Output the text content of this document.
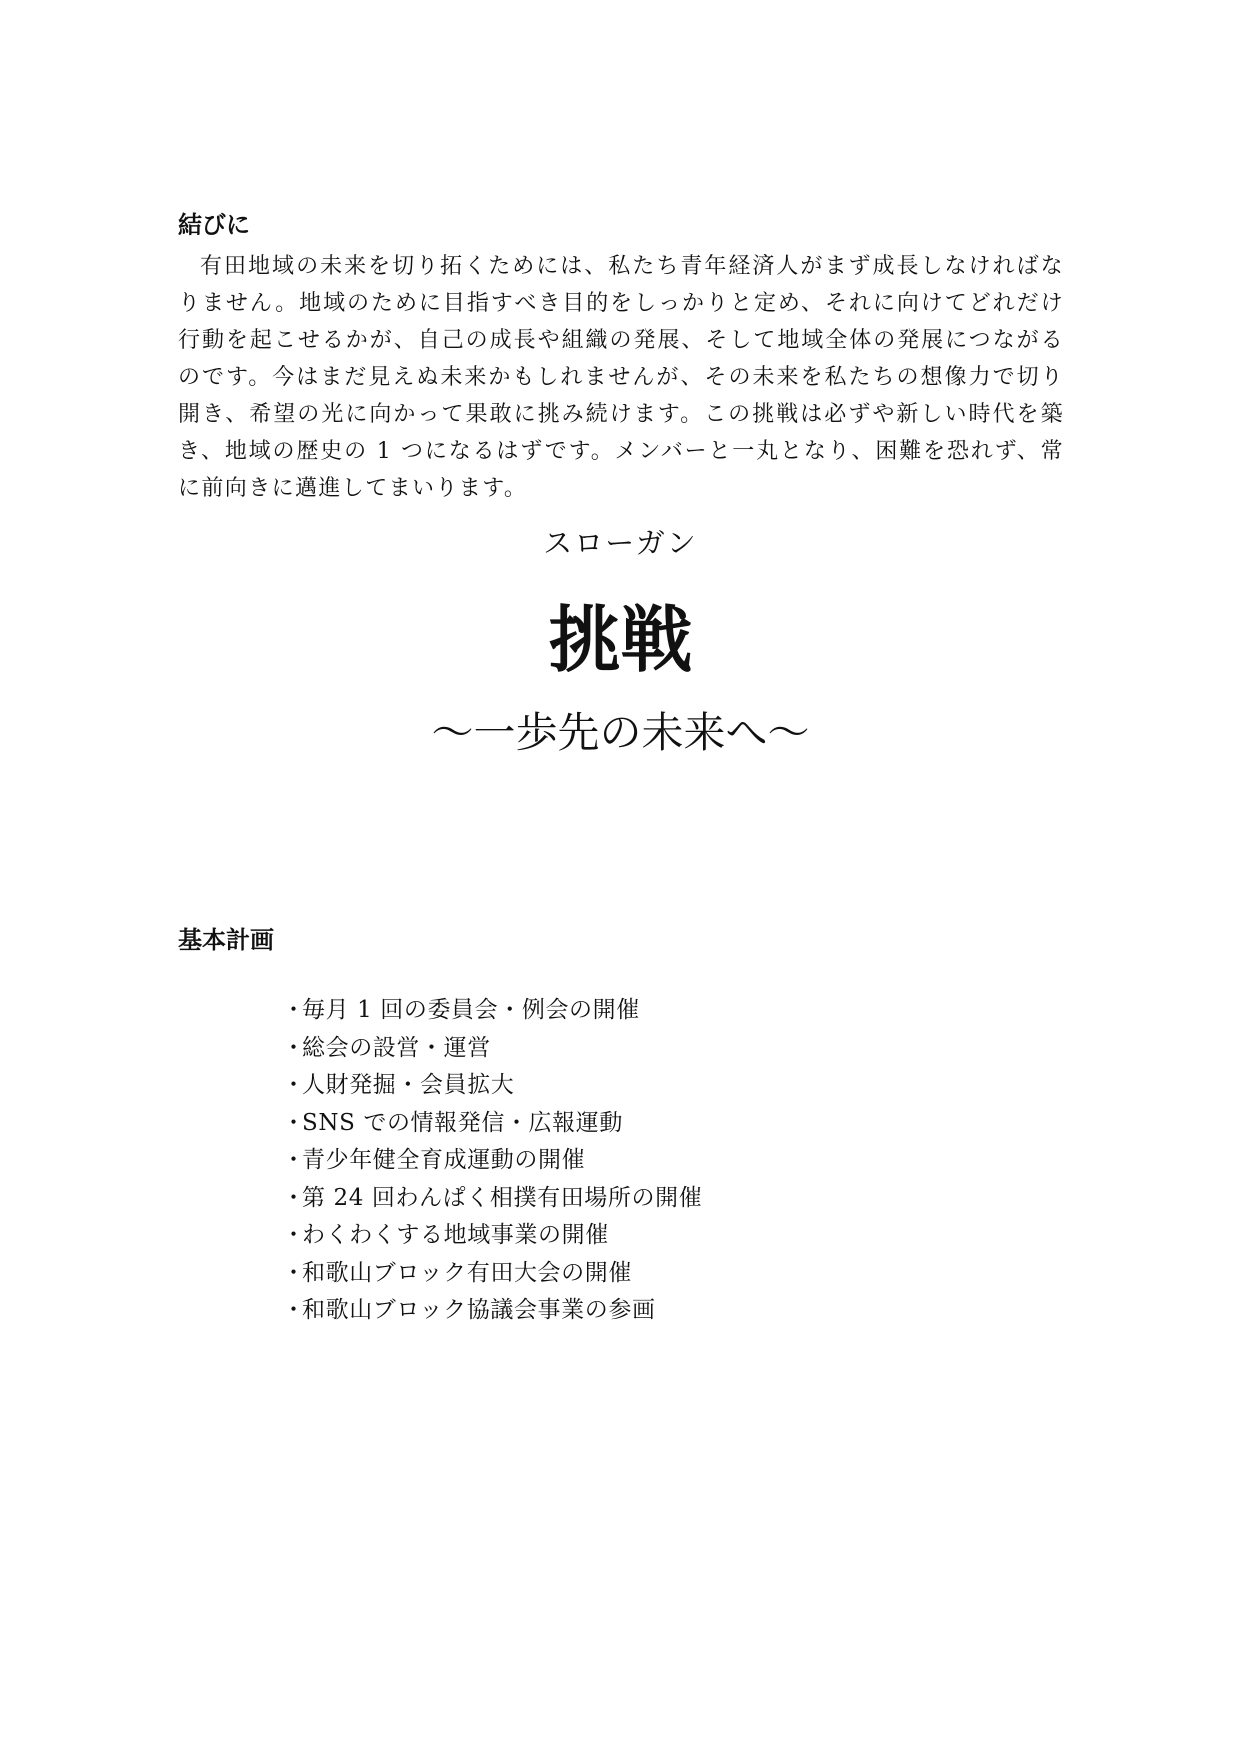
結びに

有田地域の未来を切り拓くためには、私たち青年経済人がまず成長しなければなりません。地域のために目指すべき目的をしっかりと定め、それに向けてどれだけ行動を起こせるかが、自己の成長や組織の発展、そして地域全体の発展につながるのです。今はまだ見えぬ未来かもしれませんが、その未来を私たちの想像力で切り開き、希望の光に向かって果敢に挑み続けます。この挑戦は必ずや新しい時代を築き、地域の歴史の 1 つになるはずです。メンバーと一丸となり、困難を恐れず、常に前向きに邁進してまいります。

スローガン

挑戦

～一歩先の未来へ～

基本計画
・毎月 1 回の委員会・例会の開催
・総会の設営・運営
・人財発掘・会員拡大
・SNS での情報発信・広報運動
・青少年健全育成運動の開催
・第 24 回わんぱく相撲有田場所の開催
・わくわくする地域事業の開催
・和歌山ブロック有田大会の開催
・和歌山ブロック協議会事業の参画
